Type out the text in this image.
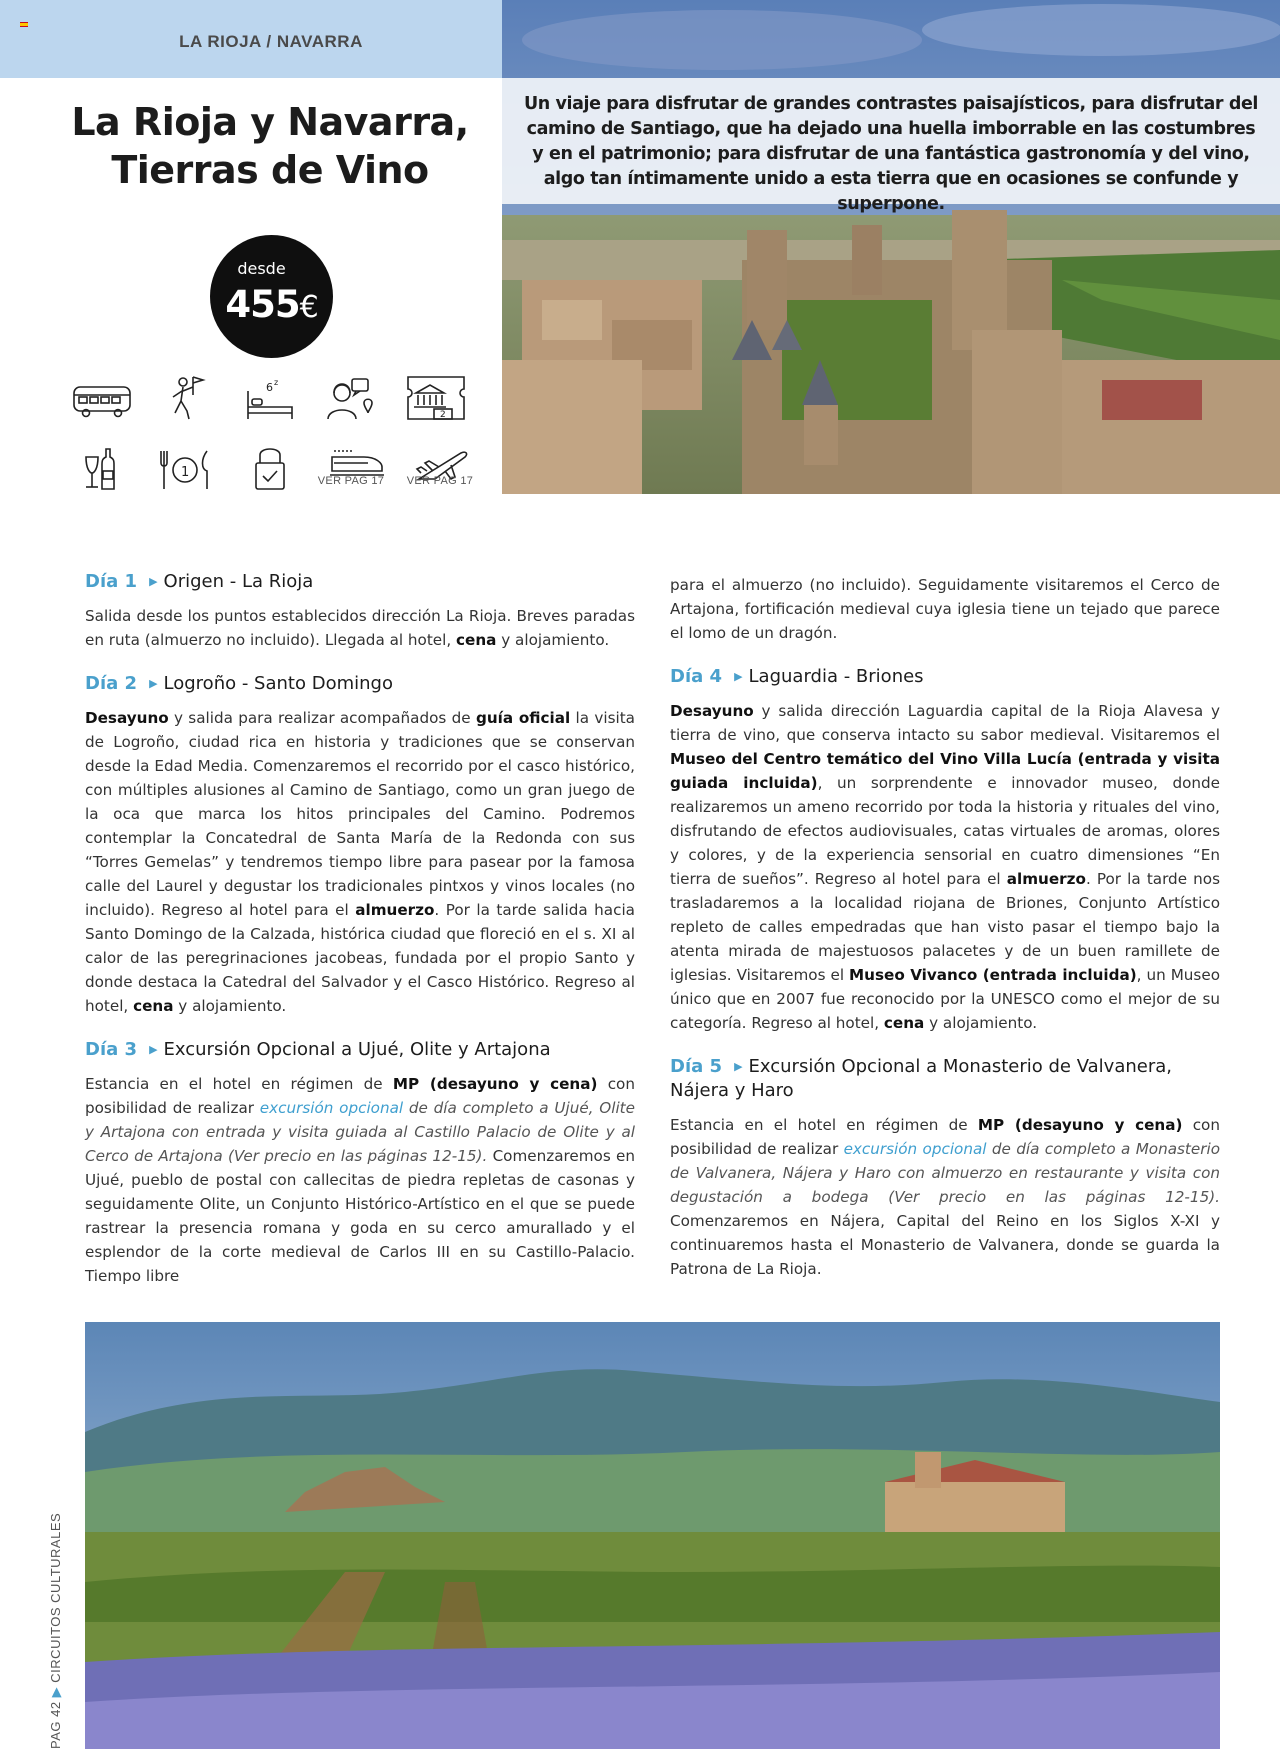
LA RIOJA / NAVARRA
La Rioja y Navarra,
Tierras de Vino
desde
455€
6 z
2
1
VER PAG 17	VER PAG 17
Un viaje para disfrutar de grandes contrastes paisajísticos, para disfrutar del camino de Santiago, que ha dejado una huella imborrable en las costumbres y en el patrimonio; para disfrutar de una fantástica gastronomía y del vino, algo tan íntimamente unido a esta tierra que en ocasiones se confunde y superpone.
Día 1 ▶ Origen - La Rioja

Salida desde los puntos establecidos dirección La Rioja. Breves paradas en ruta (almuerzo no incluido). Llegada al hotel, cena y alojamiento.

Día 2 ▶ Logroño - Santo Domingo

Desayuno y salida para realizar acompañados de guía oficial la visita de Logroño, ciudad rica en historia y tradiciones que se conservan desde la Edad Media. Comenzaremos el recorrido por el casco histórico, con múltiples alusiones al Camino de Santiago, como un gran juego de la oca que marca los hitos principales del Camino. Podremos contemplar la Concatedral de Santa María de la Redonda con sus “Torres Gemelas” y tendremos tiempo libre para pasear por la famosa calle del Laurel y degustar los tradicionales pintxos y vinos locales (no incluido). Regreso al hotel para el almuerzo. Por la tarde salida hacia Santo Domingo de la Calzada, histórica ciudad que floreció en el s. XI al calor de las peregrinaciones jacobeas, fundada por el propio Santo y donde destaca la Catedral del Salvador y el Casco Histórico. Regreso al hotel, cena y alojamiento.

Día 3 ▶ Excursión Opcional a Ujué, Olite y Artajona

Estancia en el hotel en régimen de MP (desayuno y cena) con posibilidad de realizar excursión opcional de día completo a Ujué, Olite y Artajona con entrada y visita guiada al Castillo Palacio de Olite y al Cerco de Artajona (Ver precio en las páginas 12-15). Comenzaremos en Ujué, pueblo de postal con callecitas de piedra repletas de casonas y seguidamente Olite, un Conjunto Histórico-Artístico en el que se puede rastrear la presencia romana y goda en su cerco amurallado y el esplendor de la corte medieval de Carlos III en su Castillo-Palacio. Tiempo libre

para el almuerzo (no incluido). Seguidamente visitaremos el Cerco de Artajona, fortificación medieval cuya iglesia tiene un tejado que parece el lomo de un dragón.

Día 4 ▶ Laguardia - Briones

Desayuno y salida dirección Laguardia capital de la Rioja Alavesa y tierra de vino, que conserva intacto su sabor medieval. Visitaremos el Museo del Centro temático del Vino Villa Lucía (entrada y visita guiada incluida), un sorprendente e innovador museo, donde realizaremos un ameno recorrido por toda la historia y rituales del vino, disfrutando de efectos audiovisuales, catas virtuales de aromas, olores y colores, y de la experiencia sensorial en cuatro dimensiones “En tierra de sueños”. Regreso al hotel para el almuerzo. Por la tarde nos trasladaremos a la localidad riojana de Briones, Conjunto Artístico repleto de calles empedradas que han visto pasar el tiempo bajo la atenta mirada de majestuosos palacetes y de un buen ramillete de iglesias. Visitaremos el Museo Vivanco (entrada incluida), un Museo único que en 2007 fue reconocido por la UNESCO como el mejor de su categoría. Regreso al hotel, cena y alojamiento.

Día 5 ▶ Excursión Opcional a Monasterio de Valvanera, Nájera y Haro

Estancia en el hotel en régimen de MP (desayuno y cena) con posibilidad de realizar excursión opcional de día completo a Monasterio de Valvanera, Nájera y Haro con almuerzo en restaurante y visita con degustación a bodega (Ver precio en las páginas 12-15). Comenzaremos en Nájera, Capital del Reino en los Siglos X-XI y continuaremos hasta el Monasterio de Valvanera, donde se guarda la Patrona de La Rioja.

PAG 42 ▶ CIRCUITOS CULTURALES
